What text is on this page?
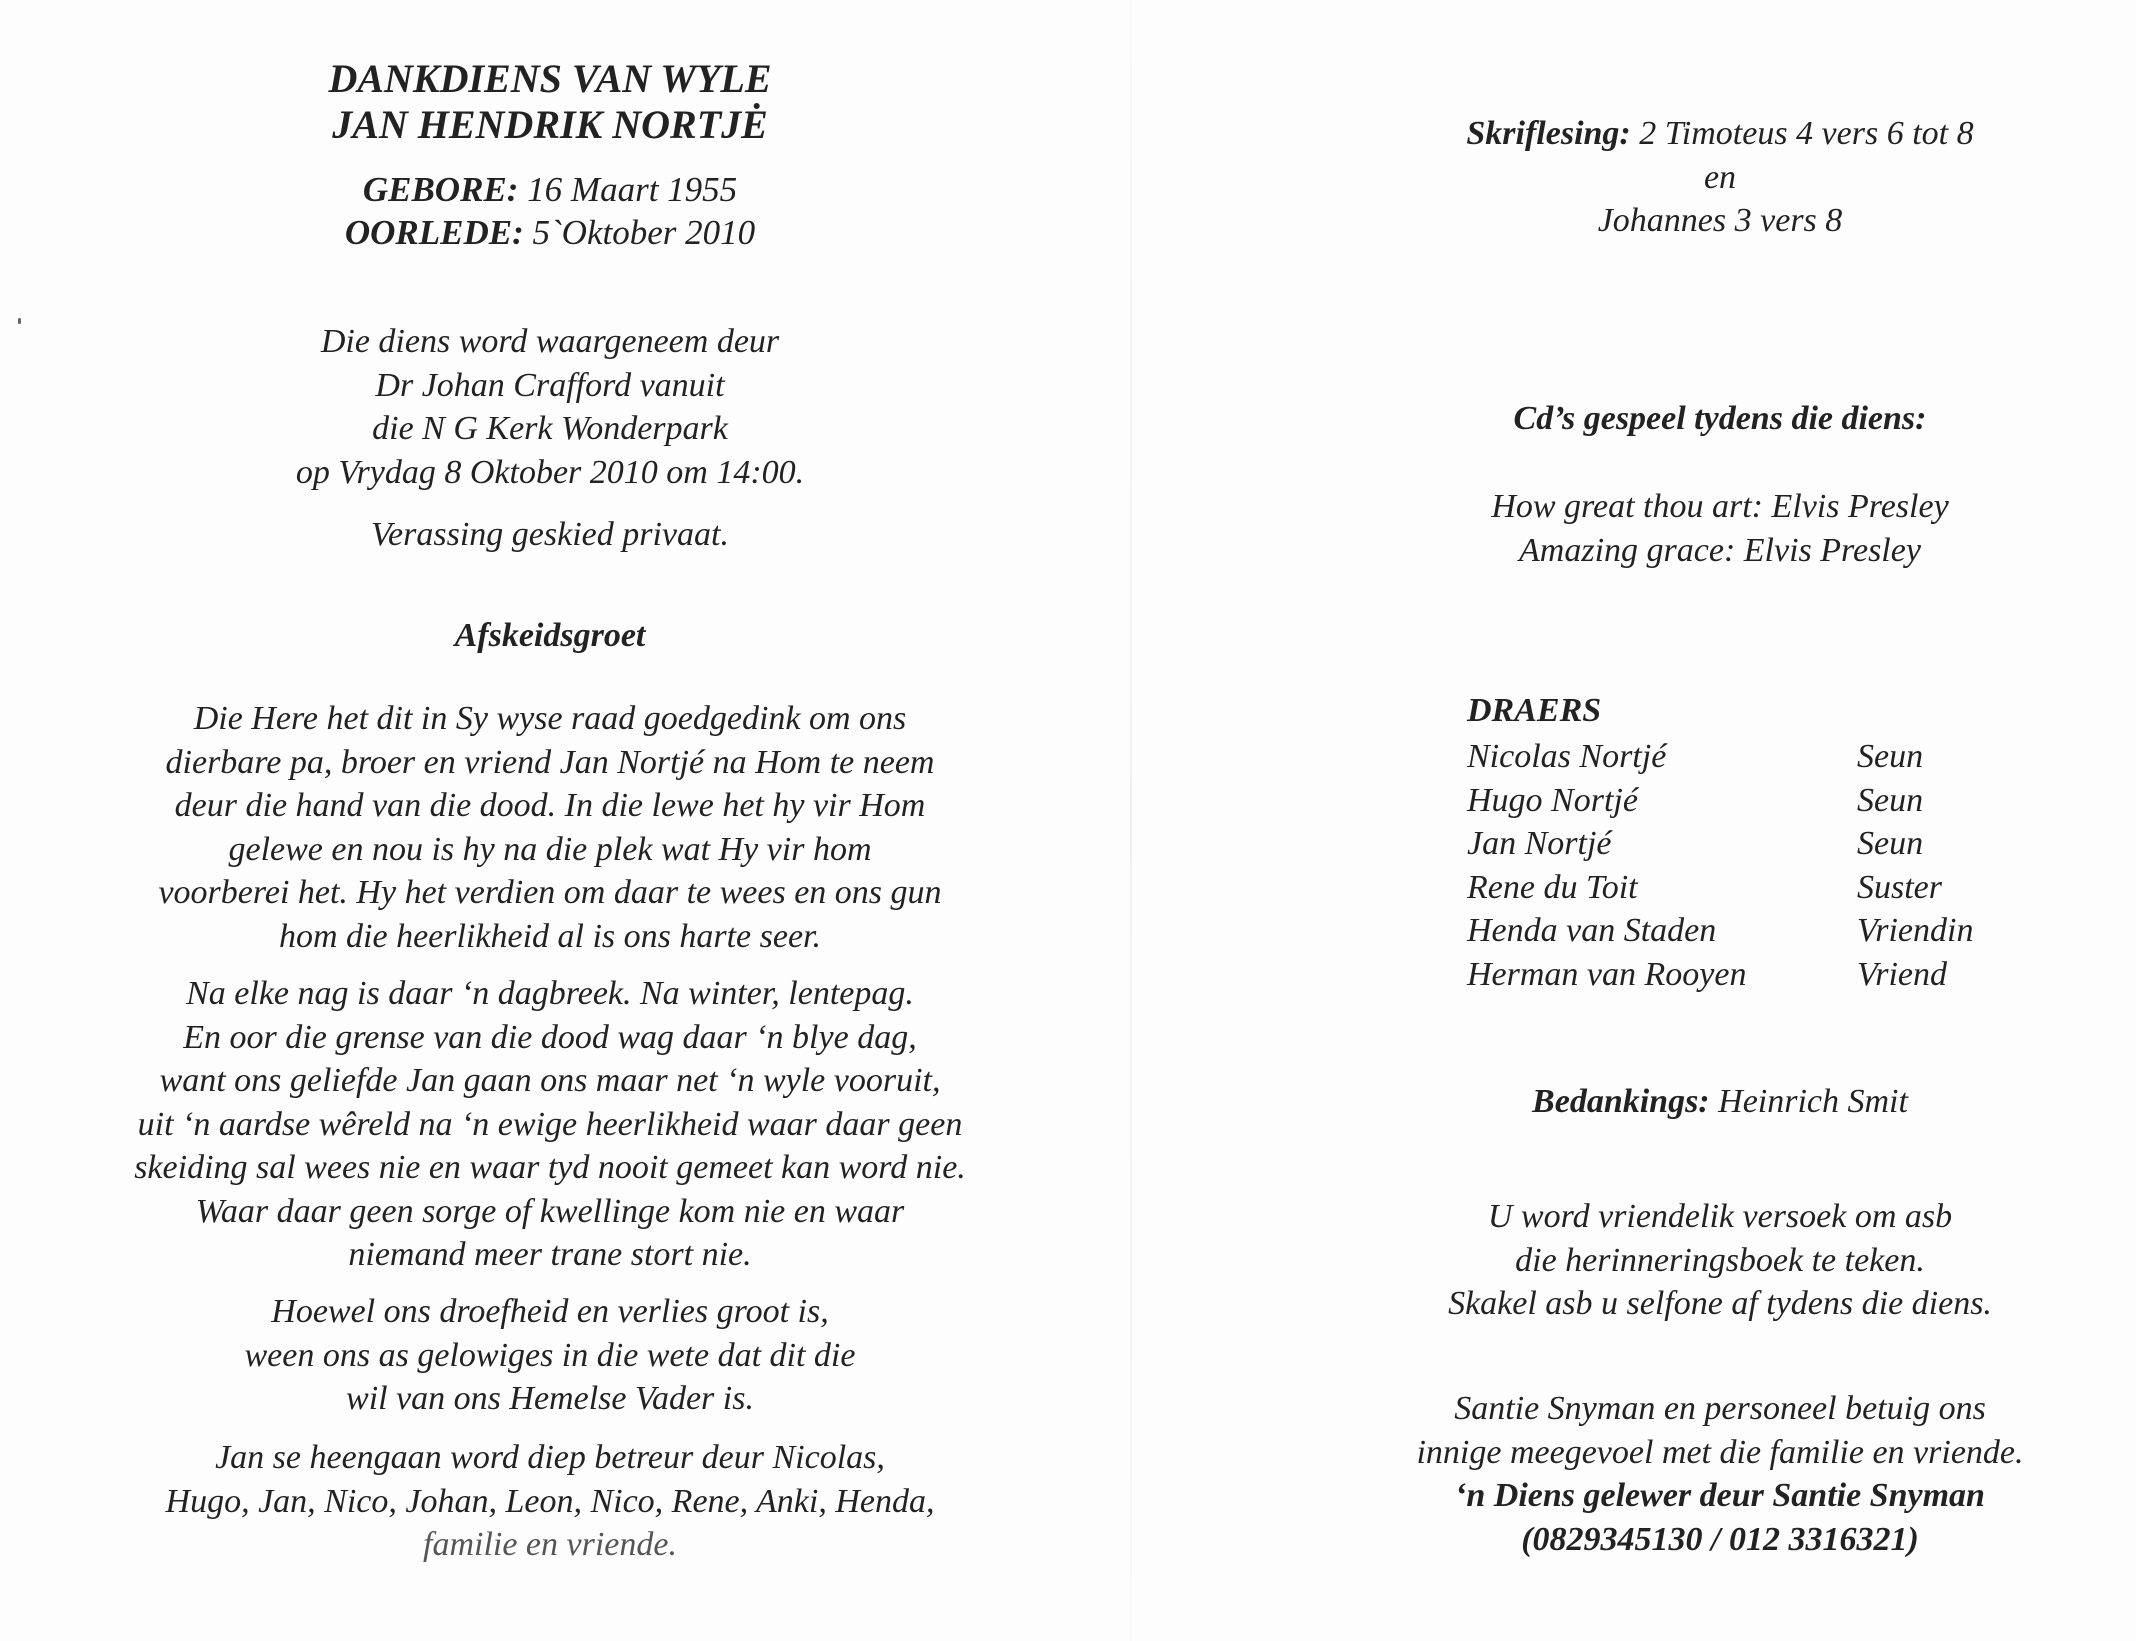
DANKDIENS VAN WYLE
JAN HENDRIK NORTJĖ
GEBORE: 16 Maart 1955
OORLEDE: 5`Oktober 2010
Die diens word waargeneem deur
Dr Johan Crafford vanuit
die N G Kerk Wonderpark
op Vrydag 8 Oktober 2010 om 14:00.
Verassing geskied privaat.
Afskeidsgroet
Die Here het dit in Sy wyse raad goedgedink om ons
dierbare pa, broer en vriend Jan Nortjé na Hom te neem
deur die hand van die dood. In die lewe het hy vir Hom
gelewe en nou is hy na die plek wat Hy vir hom
voorberei het. Hy het verdien om daar te wees en ons gun
hom die heerlikheid al is ons harte seer.
Na elke nag is daar ‘n dagbreek. Na winter, lentepag.
En oor die grense van die dood wag daar ‘n blye dag,
want ons geliefde Jan gaan ons maar net ‘n wyle vooruit,
uit ‘n aardse wêreld na ‘n ewige heerlikheid waar daar geen
skeiding sal wees nie en waar tyd nooit gemeet kan word nie.
Waar daar geen sorge of kwellinge kom nie en waar
niemand meer trane stort nie.
Hoewel ons droefheid en verlies groot is,
ween ons as gelowiges in die wete dat dit die
wil van ons Hemelse Vader is.
Jan se heengaan word diep betreur deur Nicolas,
Hugo, Jan, Nico, Johan, Leon, Nico, Rene, Anki, Henda,
familie en vriende.
Skriflesing: 2 Timoteus 4 vers 6 tot 8
en
Johannes 3 vers 8
Cd’s gespeel tydens die diens:
How great thou art: Elvis Presley
Amazing grace: Elvis Presley
DRAERS
Nicolas Nortjé	Seun
Hugo Nortjé	Seun
Jan Nortjé	Seun
Rene du Toit	Suster
Henda van Staden	Vriendin
Herman van Rooyen	Vriend
Bedankings: Heinrich Smit
U word vriendelik versoek om asb
die herinneringsboek te teken.
Skakel asb u selfone af tydens die diens.
Santie Snyman en personeel betuig ons
innige meegevoel met die familie en vriende.
‘n Diens gelewer deur Santie Snyman
(0829345130 / 012 3316321)
